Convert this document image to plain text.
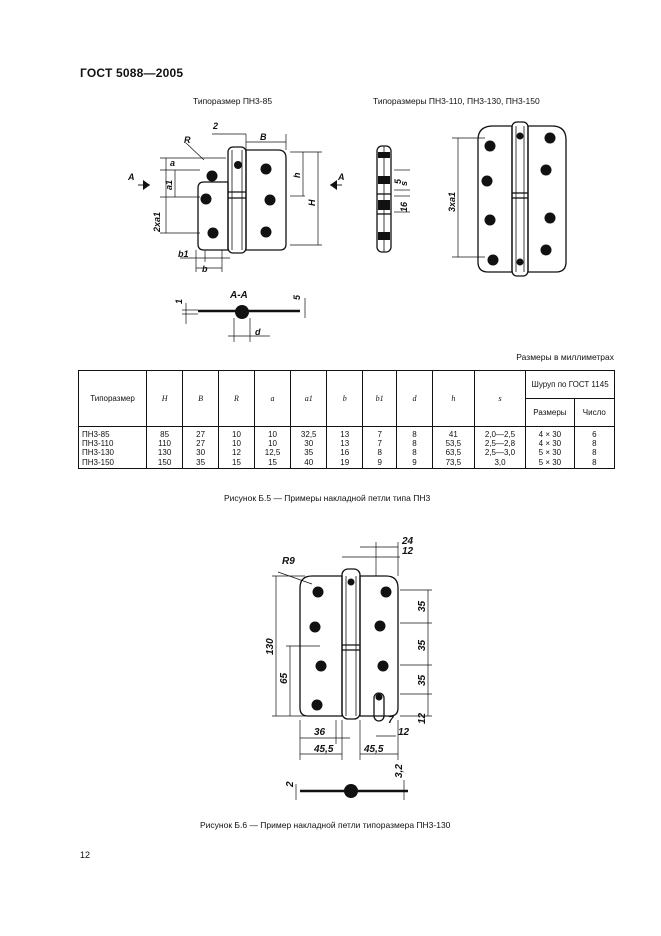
ГОСТ 5088—2005
Типоразмер ПН3-85	Типоразмеры ПН3-110, ПН3-130, ПН3-150
R
2
B
a
a1
2xa1
h
H
b1
b
А	А
s
16
5
3xa1
А-А
1
5
d
Размеры в миллиметрах
Типоразмер	H	B	R	a	a1	b	b1	d	h	s	Шуруп по ГОСТ 1145	
											Размеры	Число
ПН3-85	85	27	10	10	32,5	13	7	8	41	2,0—2,5	4 × 30	6
ПН3-110	110	27	10	10	30	13	7	8	53,5	2,5—2,8	4 × 30	8
ПН3-130	130	30	12	12,5	35	16	8	8	63,5	2,5—3,0	5 × 30	8
ПН3-150	150	35	15	15	40	19	9	9	73,5	3,0	5 × 30	8
Рисунок Б.5 — Примеры накладной петли типа ПН3
R9
24
12
35
35
35
130
65
12
7
36	12
45,5	45,5
2
3,2
Рисунок Б.6 — Пример накладной петли типоразмера ПН3-130
12
